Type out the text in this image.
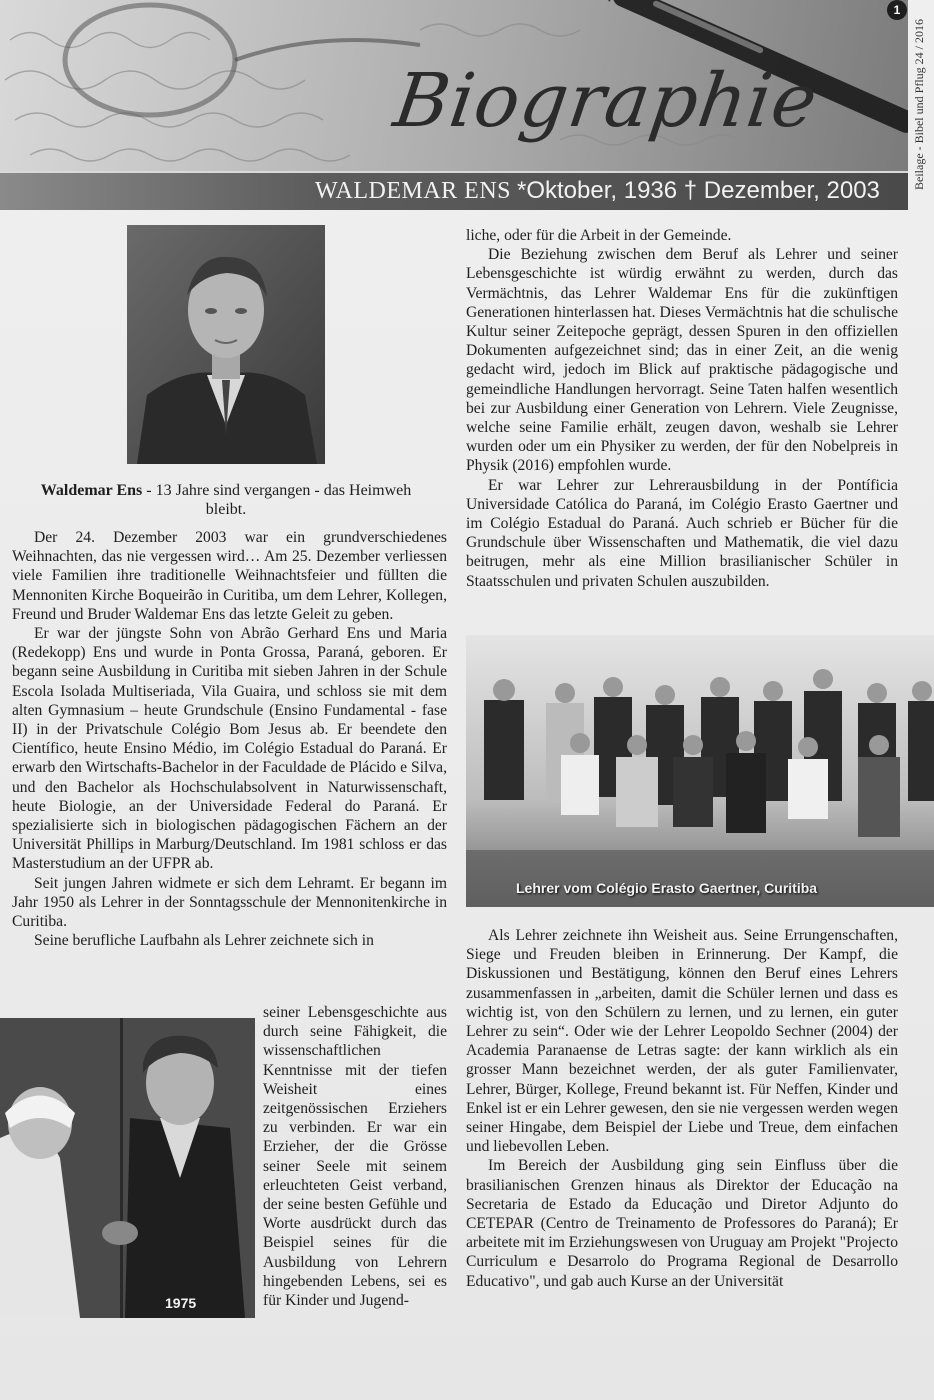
Biographie
WALDEMAR ENS *Oktober, 1936 † Dezember, 2003
1
Beilage - Bibel und Pflug 24 / 2016
Waldemar Ens - 13 Jahre sind vergangen - das Heimweh bleibt.

Der 24. Dezember 2003 war ein grundverschiedenes Weihnachten, das nie vergessen wird… Am 25. Dezember verliessen viele Familien ihre traditionelle Weihnachtsfeier und füllten die Mennoniten Kirche Boqueirão in Curitiba, um dem Lehrer, Kollegen, Freund und Bruder Waldemar Ens das letzte Geleit zu geben.

Er war der jüngste Sohn von Abrão Gerhard Ens und Maria (Redekopp) Ens und wurde in Ponta Grossa, Paraná, geboren. Er begann seine Ausbildung in Curitiba mit sieben Jahren in der Schule Escola Isolada Multiseriada, Vila Guaira, und schloss sie mit dem alten Gymnasium – heute Grundschule (Ensino Fundamental - fase II) in der Privatschule Colégio Bom Jesus ab. Er beendete den Científico, heute Ensino Médio, im Colégio Estadual do Paraná. Er erwarb den Wirtschafts-Bachelor in der Faculdade de Plácido e Silva, und den Bachelor als Hochschulabsolvent in Naturwissenschaft, heute Biologie, an der Universidade Federal do Paraná. Er spezialisierte sich in biologischen pädagogischen Fächern an der Universität Phillips in Marburg/Deutschland. Im 1981 schloss er das Masterstudium an der UFPR ab.

Seit jungen Jahren widmete er sich dem Lehramt. Er begann im Jahr 1950 als Lehrer in der Sonntagsschule der Mennonitenkirche in Curitiba.

Seine berufliche Laufbahn als Lehrer zeichnete sich in

seiner Lebensgeschichte aus durch seine Fähigkeit, die wissenschaftlichen Kenntnisse mit der tiefen Weisheit eines zeitgenössischen Erziehers zu verbinden. Er war ein Erzieher, der die Grösse seiner Seele mit seinem erleuchteten Geist verband, der seine besten Gefühle und Worte ausdrückt durch das Beispiel seines für die Ausbildung von Lehrern hingebenden Lebens, sei es für Kinder und Jugend-

1975

liche, oder für die Arbeit in der Gemeinde.

Die Beziehung zwischen dem Beruf als Lehrer und seiner Lebensgeschichte ist würdig erwähnt zu werden, durch das Vermächtnis, das Lehrer Waldemar Ens für die zukünftigen Generationen hinterlassen hat. Dieses Vermächtnis hat die schulische Kultur seiner Zeitepoche geprägt, dessen Spuren in den offiziellen Dokumenten aufgezeichnet sind; das in einer Zeit, an die wenig gedacht wird, jedoch im Blick auf praktische pädagogische und gemeindliche Handlungen hervorragt. Seine Taten halfen wesentlich bei zur Ausbildung einer Generation von Lehrern. Viele Zeugnisse, welche seine Familie erhält, zeugen davon, weshalb sie Lehrer wurden oder um ein Physiker zu werden, der für den Nobelpreis in Physik (2016) empfohlen wurde.

Er war Lehrer zur Lehrerausbildung in der Pontíficia Universidade Católica do Paraná, im Colégio Erasto Gaertner und im Colégio Estadual do Paraná. Auch schrieb er Bücher für die Grundschule über Wissenschaften und Mathematik, die viel dazu beitrugen, mehr als eine Million brasilianischer Schüler in Staatsschulen und privaten Schulen auszubilden.

Lehrer vom Colégio Erasto Gaertner, Curitiba

Als Lehrer zeichnete ihn Weisheit aus. Seine Errungenschaften, Siege und Freuden bleiben in Erinnerung. Der Kampf, die Diskussionen und Bestätigung, können den Beruf eines Lehrers zusammenfassen in „arbeiten, damit die Schüler lernen und dass es wichtig ist, von den Schülern zu lernen, und zu lernen, ein guter Lehrer zu sein“. Oder wie der Lehrer Leopoldo Sechner (2004) der Academia Paranaense de Letras sagte: der kann wirklich als ein grosser Mann bezeichnet werden, der als guter Familienvater, Lehrer, Bürger, Kollege, Freund bekannt ist. Für Neffen, Kinder und Enkel ist er ein Lehrer gewesen, den sie nie vergessen werden wegen seiner Hingabe, dem Beispiel der Liebe und Treue, dem einfachen und liebevollen Leben.

Im Bereich der Ausbildung ging sein Einfluss über die brasilianischen Grenzen hinaus als Direktor der Educação na Secretaria de Estado da Educação und Diretor Adjunto do CETEPAR (Centro de Treinamento de Professores do Paraná); Er arbeitete mit im Erziehungswesen von Uruguay am Projekt "Projecto Curriculum e Desarrolo do Programa Regional de Desarrollo Educativo", und gab auch Kurse an der Universität
